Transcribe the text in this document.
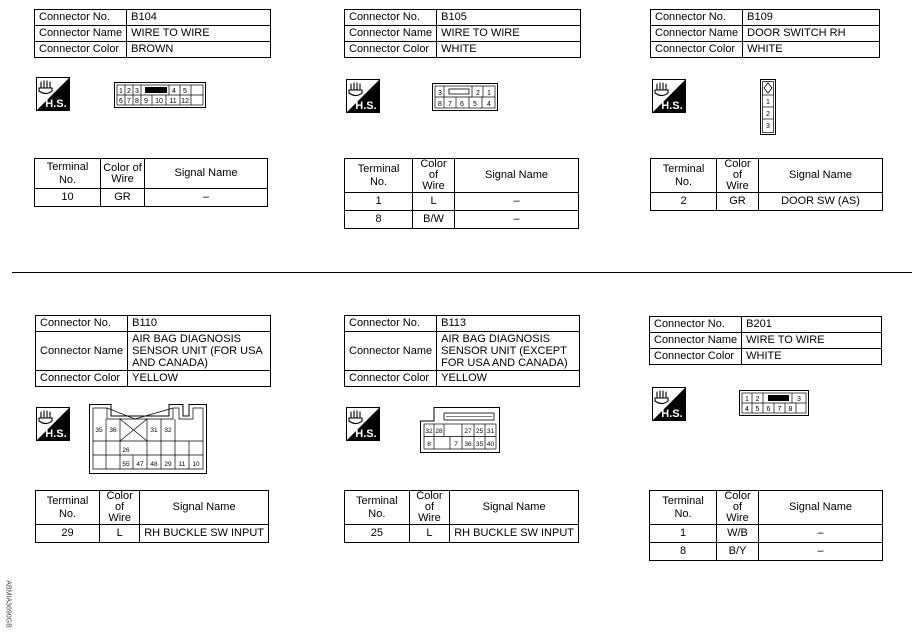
Connector No.	B104
Connector Name	WIRE TO WIRE
Connector Color	BROWN
H.S.
1 2 3	4 5
6 7 8 9 10 11 12
Terminal No.	Color of
Wire	Signal Name
10	GR	–
Connector No.	B105
Connector Name	WIRE TO WIRE
Connector Color	WHITE
H.S.
3	2 1
8 7 6 5 4
Terminal No.	Color of
Wire	Signal Name
1	L	–
8	B/W	–
Connector No.	B109
Connector Name	DOOR SWITCH RH
Connector Color	WHITE
H.S.	1
2
3
Terminal No.	Color of
Wire	Signal Name
2	GR	DOOR SW (AS)
Connector No.	B110
Connector Name	AIR BAG DIAGNOSIS
SENSOR UNIT (FOR USA
AND CANADA)
Connector Color	YELLOW
H.S.	35 36	31 32
26
55 47 48 29 11 10
Terminal No.	Color of
Wire	Signal Name
29	L	RH BUCKLE SW INPUT
Connector No.	B113
Connector Name	AIR BAG DIAGNOSIS
SENSOR UNIT (EXCEPT
FOR USA AND CANADA)
Connector Color	YELLOW
H.S.	32 28	27 25 31
8	7 36 35 40
Terminal No.	Color of
Wire	Signal Name
25	L	RH BUCKLE SW INPUT
Connector No.	B201
Connector Name	WIRE TO WIRE
Connector Color	WHITE
H.S.
1 2	3
4 5 6 7 8
Terminal No.	Color of
Wire	Signal Name
1	W/B	–
8	B/Y	–
ABMIA3690GB
